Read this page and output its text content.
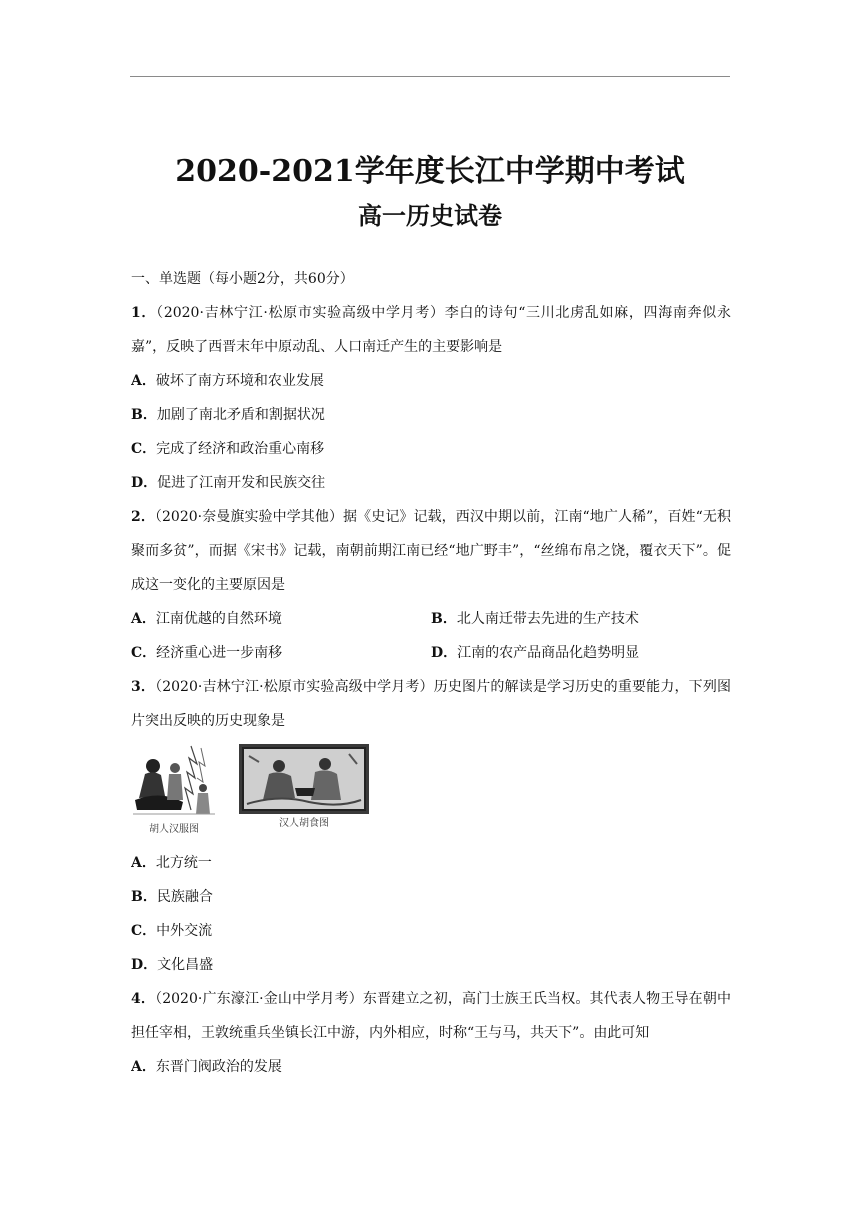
2020-2021学年度长江中学期中考试
高一历史试卷
一、单选题（每小题2分，共60分）
1．（2020·吉林宁江·松原市实验高级中学月考）李白的诗句“三川北虏乱如麻，四海南奔似永嘉”，反映了西晋末年中原动乱、人口南迁产生的主要影响是
A．破坏了南方环境和农业发展
B．加剧了南北矛盾和割据状况
C．完成了经济和政治重心南移
D．促进了江南开发和民族交往
2．（2020·奈曼旗实验中学其他）据《史记》记载，西汉中期以前，江南“地广人稀”，百姓“无积聚而多贫”，而据《宋书》记载，南朝前期江南已经“地广野丰”，“丝绵布帛之饶，覆衣天下”。促成这一变化的主要原因是
A．江南优越的自然环境	B．北人南迁带去先进的生产技术
C．经济重心进一步南移	D．江南的农产品商品化趋势明显
3．（2020·吉林宁江·松原市实验高级中学月考）历史图片的解读是学习历史的重要能力，下列图片突出反映的历史现象是
胡人汉服图
汉人胡食图
A．北方统一
B．民族融合
C．中外交流
D．文化昌盛
4．（2020·广东濠江·金山中学月考）东晋建立之初，高门士族王氏当权。其代表人物王导在朝中担任宰相，王敦统重兵坐镇长江中游，内外相应，时称“王与马，共天下”。由此可知
A．东晋门阀政治的发展
